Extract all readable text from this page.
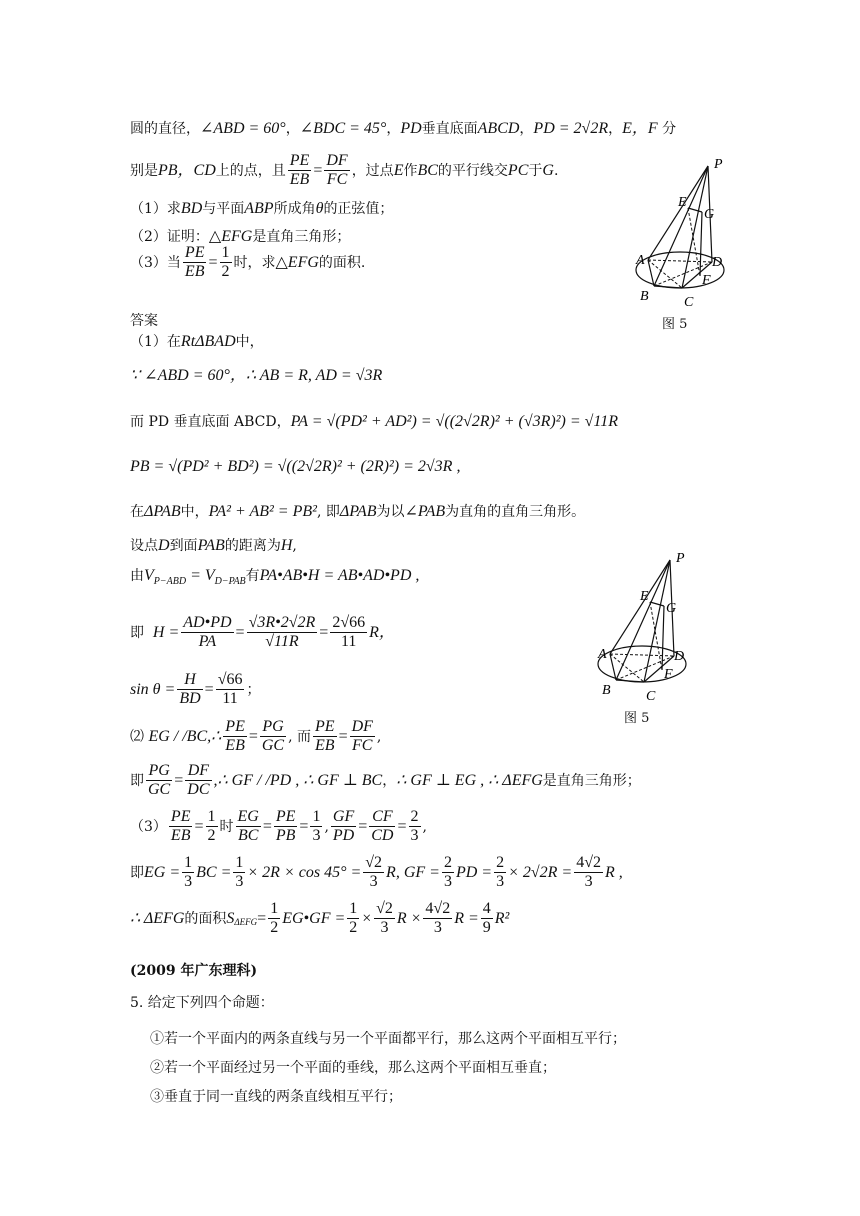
圆的直径，∠ABD = 60°，∠BDC = 45°，PD垂直底面ABCD，PD = 2√2R，E，F 分
别是 PB，CD 上的点，且
PE
EB
=
DF
FC
，过点 E 作 BC 的平行线交 PC 于 G .
（1）求BD与平面ABP所成角θ的正弦值；
（2）证明：△EFG是直角三角形；
（3）当
PE
EB
=
1
2
时，求 △EFG 的面积.
P
E
G
A	D
F
B	C
图 5
答案
（1）在RtΔBAD中，
∵ ∠ABD = 60°，∴ AB = R, AD = √3R
而 PD 垂直底面 ABCD，PA = √(PD² + AD²) = √((2√2R)² + (√3R)²) = √11R
PB = √(PD² + BD²) = √((2√2R)² + (2R)²) = 2√3R ,
在ΔPAB中，PA² + AB² = PB², 即ΔPAB为以∠PAB为直角的直角三角形。
设点D到面PAB的距离为H,
由$V_{P-ABD} = V_{D-PAB}$有PA•AB•H = AB•AD•PD ,
即
H =
AD•PD
PA
=
√3R•2√2R
√11R
=
2√66
11
R，
sin θ =
H
BD
=
√66
11
；
⑵
EG / /BC,∴
PE
EB
=
PG
GC
, 而
PE
EB
=
DF
FC
,
即
PG
GC
=
DF
DC
,∴ GF / /PD , ∴ GF ⊥ BC ， ∴ GF ⊥ EG , ∴ ΔEFG 是直角三角形；
（3）
PE
EB
=
1
2
时
EG
BC
=
PE
PB
=
1
3
,
GF
PD
=
CF
CD
=
2
3
,
即 EG =
1
3
BC =
1
3
× 2R × cos 45° =
√2
3
R, GF =
2
3
PD =
2
3
× 2√2R =
4√2
3
R ,
∴ ΔEFG 的面积 $S_{\Delta EFG}$ =
1
2
EG•GF =
1
2
×
√2
3
R ×
4√2
3
R =
4
9
R²
P
E
G
A	D
F
B	C
图 5
(2009 年广东理科)
5. 给定下列四个命题：
①若一个平面内的两条直线与另一个平面都平行，那么这两个平面相互平行；
②若一个平面经过另一个平面的垂线，那么这两个平面相互垂直；
③垂直于同一直线的两条直线相互平行；
